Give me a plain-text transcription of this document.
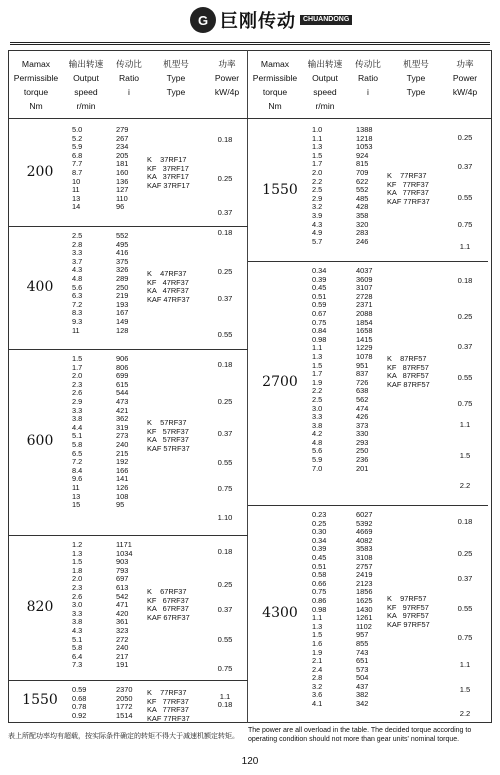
G 巨刚传动	CHUANDONG
Mamax
Permissible
torque
Nm
输出转速
Output
speed
r/min
传动比
Ratio
i
机型号
Type
Type
功率
Power
kW/4p
Mamax
Permissible
torque
Nm
输出转速
Output
speed
r/min
传动比
Ratio
i
机型号
Type
Type
功率
Power
kW/4p
200
5.0
5.2
5.9
6.8
7.7
8.7
10
11
13
14
279
267
234
205
181
160
136
127
110
96
K    37RF17
KF   37RF17
KA   37RF17
KAF 37RF17
0.18
0.25
0.37
400
2.5
2.8
3.3
3.7
4.3
4.8
5.6
6.3
7.2
8.3
9.3
11
552
495
416
375
326
289
250
219
193
167
149
128
K    47RF37
KF   47RF37
KA   47RF37
KAF 47RF37
0.18
0.25
0.37
0.55
600
1.5
1.7
2.0
2.3
2.6
2.9
3.3
3.8
4.4
5.1
5.8
6.5
7.2
8.4
9.6
11
13
15
906
806
699
615
544
473
421
362
319
273
240
215
192
166
141
126
108
95
K    57RF37
KF   57RF37
KA   57RF37
KAF 57RF37
0.18
0.25
0.37
0.55
0.75
1.10
820
1.2
1.3
1.5
1.8
2.0
2.3
2.6
3.0
3.3
3.8
4.3
5.1
5.8
6.4
7.3
1171
1034
903
793
697
613
542
471
420
361
323
272
240
217
191
K    67RF37
KF   67RF37
KA   67RF37
KAF 67RF37
0.18
0.25
0.37
0.55
0.75
1.1
1550
0.59
0.68
0.78
0.92
2370
2050
1772
1514
K    77RF37
KF   77RF37
KA   77RF37
KAF 77RF37
0.18
1550
1.0
1.1
1.3
1.5
1.7
2.0
2.2
2.5
2.9
3.2
3.9
4.3
4.9
5.7
1388
1218
1053
924
815
709
622
552
485
428
358
320
283
246
K    77RF37
KF   77RF37
KA   77RF37
KAF 77RF37
0.25
0.37
0.55
0.75
1.1
2700
0.34
0.39
0.45
0.51
0.59
0.67
0.75
0.84
0.98
1.1
1.3
1.5
1.7
1.9
2.2
2.5
3.0
3.3
3.8
4.2
4.8
5.6
5.9
7.0
4037
3609
3107
2728
2371
2088
1854
1658
1415
1229
1078
951
837
726
638
562
474
426
373
330
293
250
236
201
K    87RF57
KF   87RF57
KA   87RF57
KAF 87RF57
0.18
0.25
0.37
0.55
0.75
1.1
1.5
2.2
4300
0.23
0.25
0.30
0.34
0.39
0.45
0.51
0.58
0.66
0.75
0.86
0.98
1.1
1.3
1.5
1.6
1.9
2.1
2.4
2.8
3.2
3.6
4.1
6027
5392
4669
4082
3583
3108
2757
2419
2123
1856
1625
1430
1261
1102
957
855
743
651
573
504
437
382
342
K    97RF57
KF   97RF57
KA   97RF57
KAF 97RF57
0.18
0.25
0.37
0.55
0.75
1.1
1.5
2.2
表上所配功率均有超载，按实际条件确定的转矩不得大于减速机额定转矩。
The power are all overload in the table. The decided torque according to operating condition should not more than gear units' nominal torque.
120
